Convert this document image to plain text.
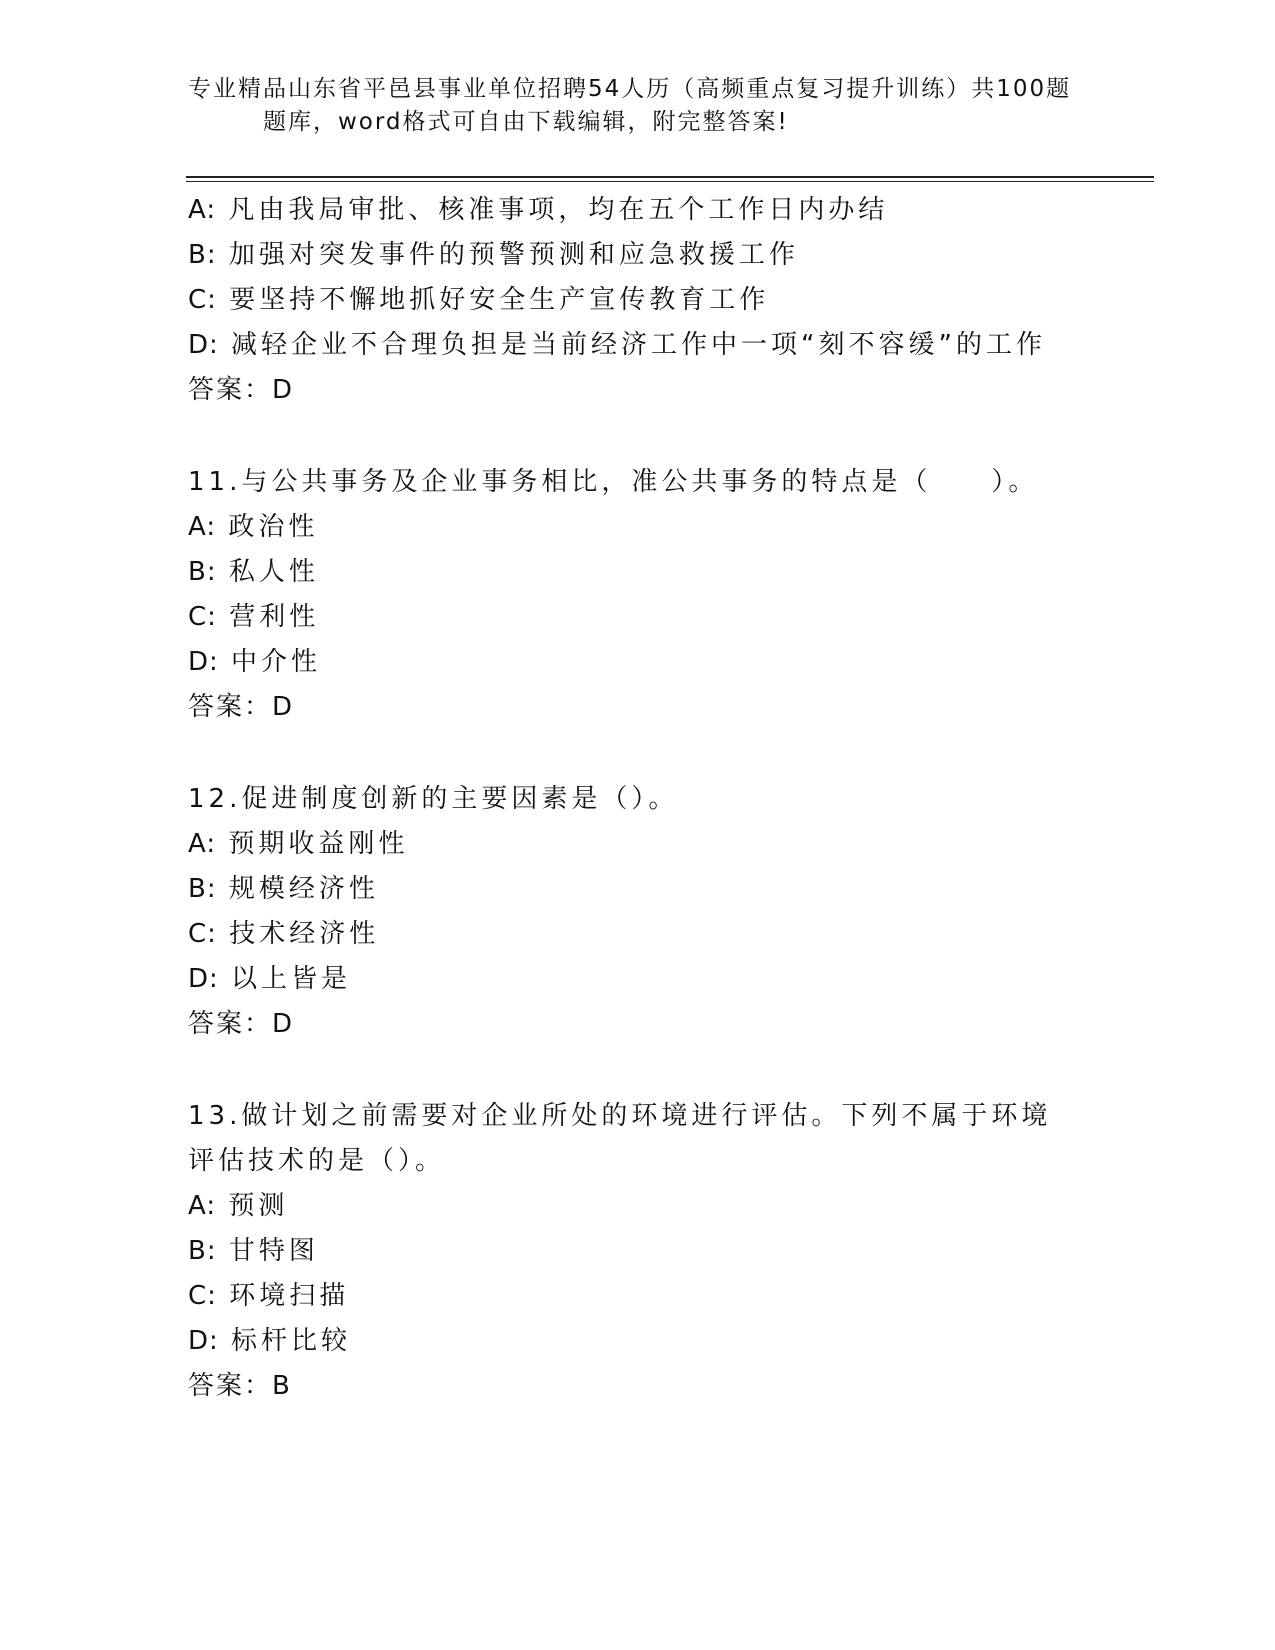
专业精品山东省平邑县事业单位招聘54人历（高频重点复习提升训练）共100题
题库，word格式可自由下载编辑，附完整答案!
A: 凡由我局审批、核准事项，均在五个工作日内办结
B: 加强对突发事件的预警预测和应急救援工作
C: 要坚持不懈地抓好安全生产宣传教育工作
D: 减轻企业不合理负担是当前经济工作中一项“刻不容缓”的工作
答案：D
11.与公共事务及企业事务相比，准公共事务的特点是（　　）。
A: 政治性
B: 私人性
C: 营利性
D: 中介性
答案：D
12.促进制度创新的主要因素是（）。
A: 预期收益刚性
B: 规模经济性
C: 技术经济性
D: 以上皆是
答案：D
13.做计划之前需要对企业所处的环境进行评估。下列不属于环境评估技术的是（）。
A: 预测
B: 甘特图
C: 环境扫描
D: 标杆比较
答案：B
